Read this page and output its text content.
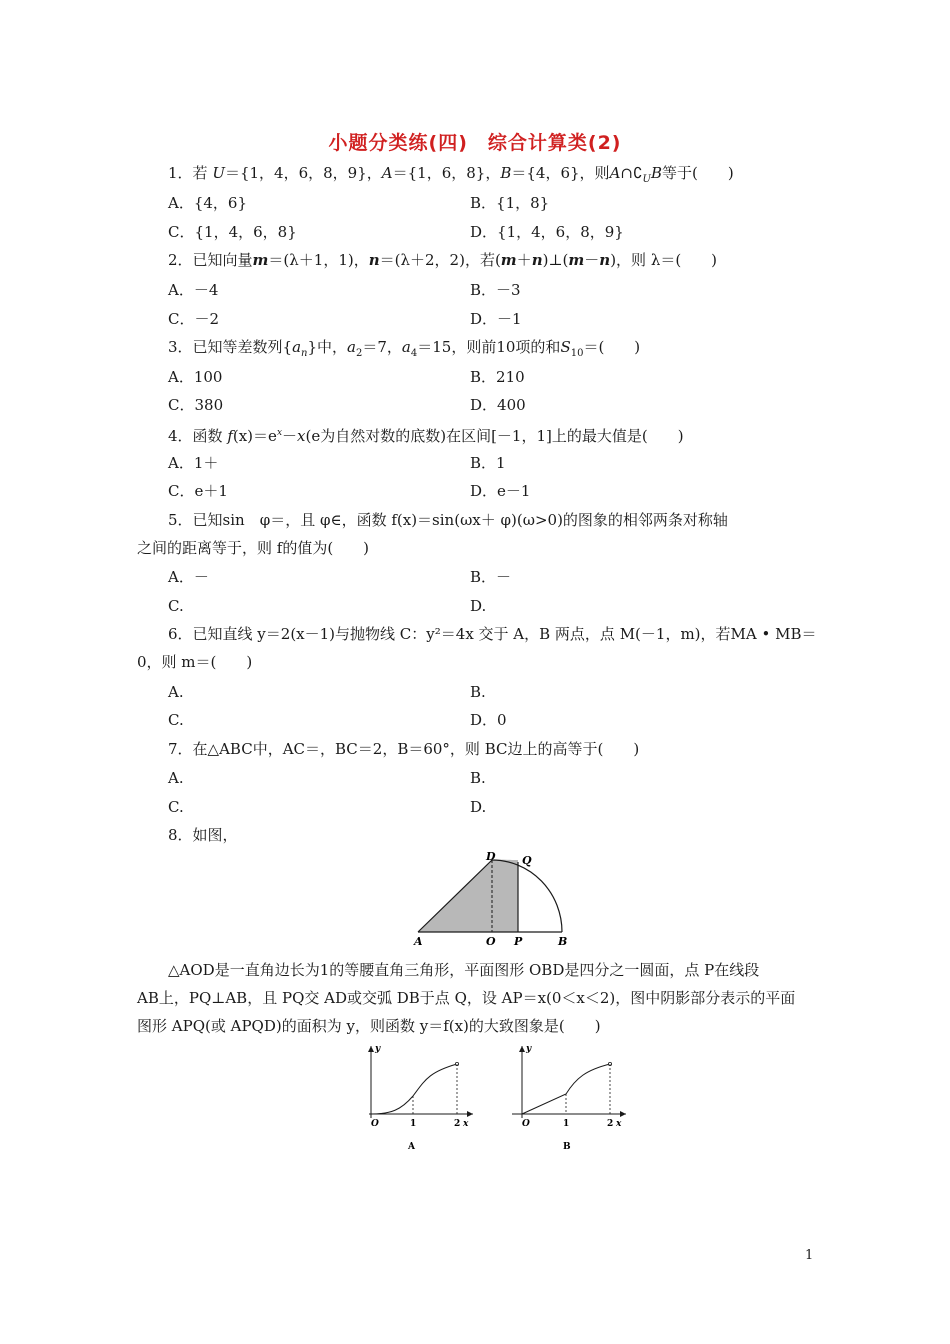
小题分类练(四)　综合计算类(2)
1．若 U＝{1，4，6，8，9}，A＝{1，6，8}，B＝{4，6}，则$A\cap∁_UB$等于(　　)
A．{4，6}	B．{1，8}
C．{1，4，6，8}	D．{1，4，6，8，9}
2．已知向量m＝(λ＋1，1)，n＝(λ＋2，2)，若(m＋n)⊥(m－n)，则 λ＝(　　)
A．－4	B．－3
C．－2	D．－1
3．已知等差数列$\{a_n\}$中，$a_2=7$，$a_4=15$，则前10项的和$S_{10}=$(　　)
A．100	B．210
C．380	D．400
4．函数 $f(x)=e^x-x(e$为自然对数的底数)在区间[－1，1]上的最大值是(　　)
A．1＋	B．1
C．e＋1	D．e－1
5．已知sin　φ＝，且 φ∈，函数 f(x)＝sin(ωx＋ φ)(ω>0)的图象的相邻两条对称轴
之间的距离等于，则 f的值为(　　)
A．－	B．－
C.	D.
6．已知直线 y＝2(x－1)与抛物线 C：y²＝4x 交于 A，B 两点，点 M(－1，m)，若MA • MB＝
0，则 m＝(　　)
A.	B.
C.	D．0
7．在△ABC中，AC＝，BC＝2，B＝60°，则 BC边上的高等于(　　)
A.	B.
C.	D.
8．如图，
D Q
A	O P	B
△AOD是一直角边长为1的等腰直角三角形，平面图形 OBD是四分之一圆面，点 P在线段
AB上，PQ⊥AB，且 PQ交 AD或交弧 DB于点 Q，设 AP＝x(0＜x＜2)，图中阴影部分表示的平面
图形 APQ(或 APQD)的面积为 y，则函数 y＝f(x)的大致图象是(　　)
y
x
O	1	2
A
y
x
O	1	2
B
1
